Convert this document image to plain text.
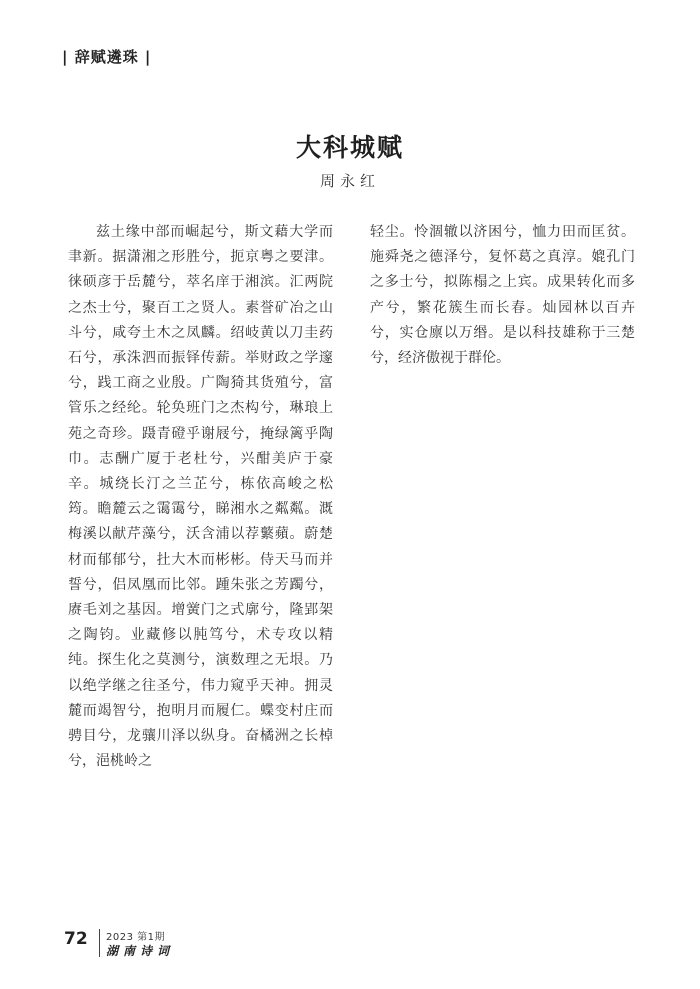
| 辞赋遴珠 |
大科城赋
周永红
兹土缘中部而崛起兮，斯文藉大学而聿新。据潇湘之形胜兮，扼京粤之要津。徕硕彦于岳麓兮，萃名庠于湘滨。汇两院之杰士兮，聚百工之贤人。素誉矿冶之山斗兮，咸夸土木之凤麟。绍岐黄以刀圭药石兮，承洙泗而振铎传薪。举财政之学邃兮，践工商之业殷。广陶猗其货殖兮，富管乐之经纶。轮奂班门之杰构兮，琳琅上苑之奇珍。蹑青磴乎谢屐兮，掩绿篱乎陶巾。志酬广厦于老杜兮，兴酣美庐于豪辛。城绕长汀之兰芷兮，栋依高峻之松筠。瞻麓云之霭霭兮，睇湘水之粼粼。溉梅溪以献芹藻兮，沃含浦以荐蘩蘋。蔚楚材而郁郁兮，扗大木而彬彬。侍天马而并誓兮，侣凤凰而比邻。踵朱张之芳躅兮，赓毛刘之基因。增黉门之式廓兮，隆郢架之陶钧。业藏修以肫笃兮，术专攻以精纯。探生化之莫测兮，演数理之无垠。乃以绝学继之往圣兮，伟力窥乎天神。拥灵麓而竭智兮，抱明月而履仁。蝶变村庄而骋目兮，龙骧川泽以纵身。奋橘洲之长棹兮，浥桃岭之
轻尘。怜涸辙以济困兮，恤力田而匡贫。施舜尧之德泽兮，复怀葛之真淳。媲孔门之多士兮，拟陈榻之上宾。成果转化而多产兮，繁花簇生而长春。灿园林以百卉兮，实仓廪以万缗。是以科技雄称于三楚兮，经济傲视于群伦。
72 2023 第1期
湖南诗词
